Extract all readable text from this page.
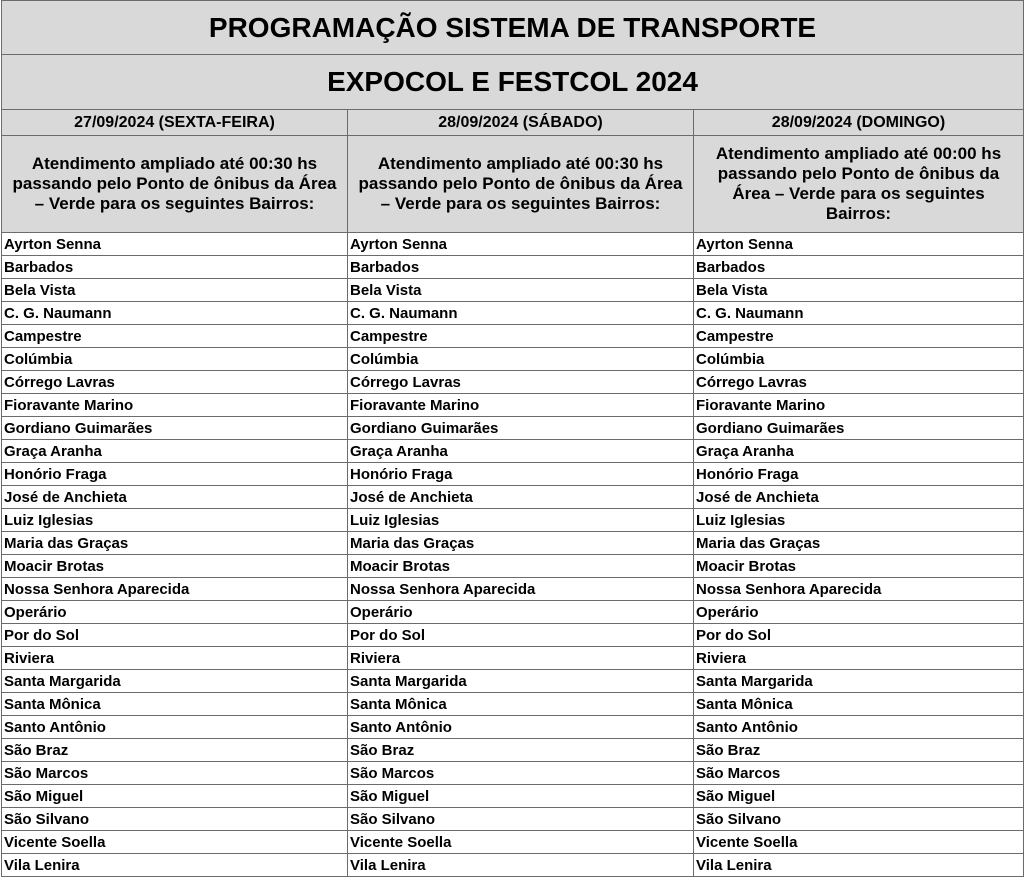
PROGRAMAÇÃO SISTEMA DE TRANSPORTE		
EXPOCOL E FESTCOL 2024		
27/09/2024 (SEXTA-FEIRA)	28/09/2024 (SÁBADO)	28/09/2024 (DOMINGO)
Atendimento ampliado até 00:30 hs passando pelo Ponto de ônibus da Área – Verde para os seguintes Bairros:	Atendimento ampliado até 00:30 hs passando pelo Ponto de ônibus da Área – Verde para os seguintes Bairros:	Atendimento ampliado até 00:00 hs passando pelo Ponto de ônibus da Área – Verde para os seguintes Bairros:
Ayrton Senna	Ayrton Senna	Ayrton Senna
Barbados	Barbados	Barbados
Bela Vista	Bela Vista	Bela Vista
C. G. Naumann	C. G. Naumann	C. G. Naumann
Campestre	Campestre	Campestre
Colúmbia	Colúmbia	Colúmbia
Córrego Lavras	Córrego Lavras	Córrego Lavras
Fioravante Marino	Fioravante Marino	Fioravante Marino
Gordiano Guimarães	Gordiano Guimarães	Gordiano Guimarães
Graça Aranha	Graça Aranha	Graça Aranha
Honório Fraga	Honório Fraga	Honório Fraga
José de Anchieta	José de Anchieta	José de Anchieta
Luiz Iglesias	Luiz Iglesias	Luiz Iglesias
Maria das Graças	Maria das Graças	Maria das Graças
Moacir Brotas	Moacir Brotas	Moacir Brotas
Nossa Senhora Aparecida	Nossa Senhora Aparecida	Nossa Senhora Aparecida
Operário	Operário	Operário
Por do Sol	Por do Sol	Por do Sol
Riviera	Riviera	Riviera
Santa Margarida	Santa Margarida	Santa Margarida
Santa Mônica	Santa Mônica	Santa Mônica
Santo Antônio	Santo Antônio	Santo Antônio
São Braz	São Braz	São Braz
São Marcos	São Marcos	São Marcos
São Miguel	São Miguel	São Miguel
São Silvano	São Silvano	São Silvano
Vicente Soella	Vicente Soella	Vicente Soella
Vila Lenira	Vila Lenira	Vila Lenira
